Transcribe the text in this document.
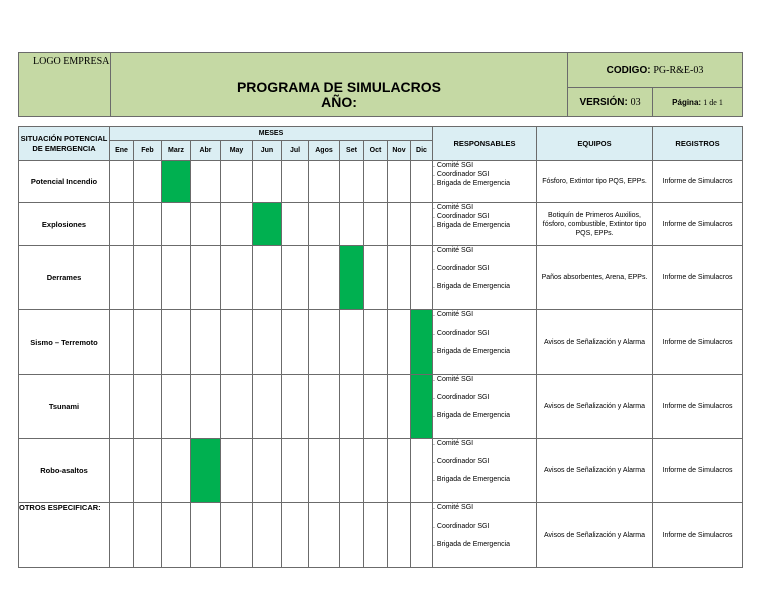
LOGO EMPRESA	PROGRAMA DE SIMULACROS
AÑO:	CODIGO: PG-R&E-03	
		VERSIÓN: 03	Página: 1 de 1
SITUACIÓN POTENCIAL DE EMERGENCIA	MESES												RESPONSABLES	EQUIPOS	REGISTROS
	Ene	Feb	Marz	Abr	May	Jun	Jul	Agos	Set	Oct	Nov	Dic			
Potencial Incendio													. Comité SGI
. Coordinador SGI
. Brigada de Emergencia	Fósforo, Extintor tipo PQS, EPPs.	Informe de Simulacros
Explosiones													. Comité SGI
. Coordinador SGI
. Brigada de Emergencia	Botiquín de Primeros Auxilios, fósforo, combustible, Extintor tipo PQS, EPPs.	Informe de Simulacros
Derrames													. Comité SGI
. Coordinador SGI
. Brigada de Emergencia	Paños absorbentes, Arena, EPPs.	Informe de Simulacros
Sismo – Terremoto													. Comité SGI
. Coordinador SGI
. Brigada de Emergencia	Avisos de Señalización y Alarma	Informe de Simulacros
Tsunami													. Comité SGI
. Coordinador SGI
. Brigada de Emergencia	Avisos de Señalización y Alarma	Informe de Simulacros
Robo-asaltos													. Comité SGI
. Coordinador SGI
. Brigada de Emergencia	Avisos de Señalización y Alarma	Informe de Simulacros
OTROS ESPECIFICAR:													. Comité SGI
. Coordinador SGI
. Brigada de Emergencia	Avisos de Señalización y Alarma	Informe de Simulacros
